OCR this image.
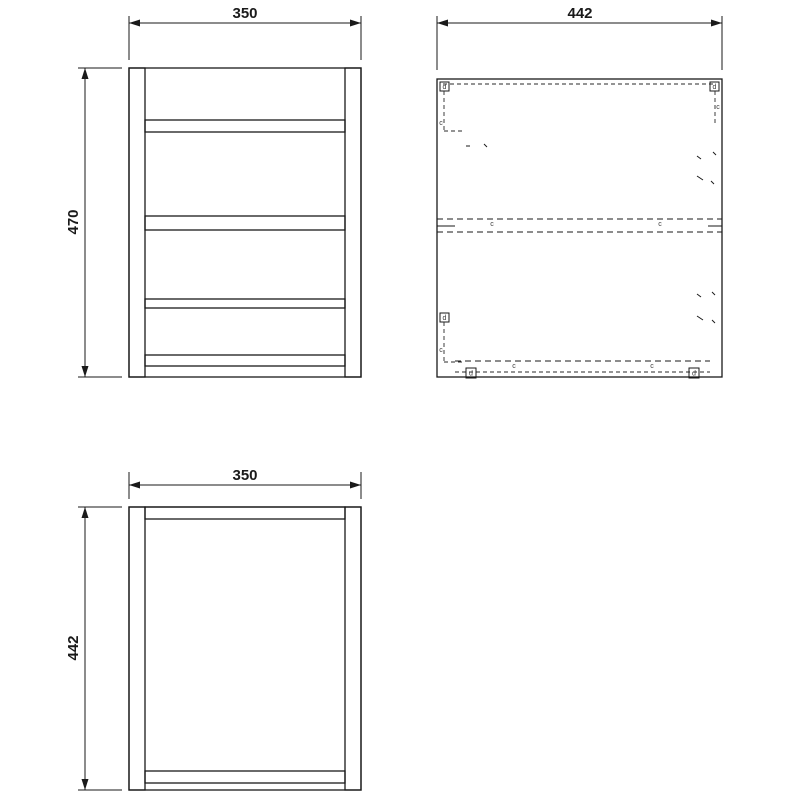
350
470
d
c
d
c
c	c
d
c
d	d
c	c
442
350
442
